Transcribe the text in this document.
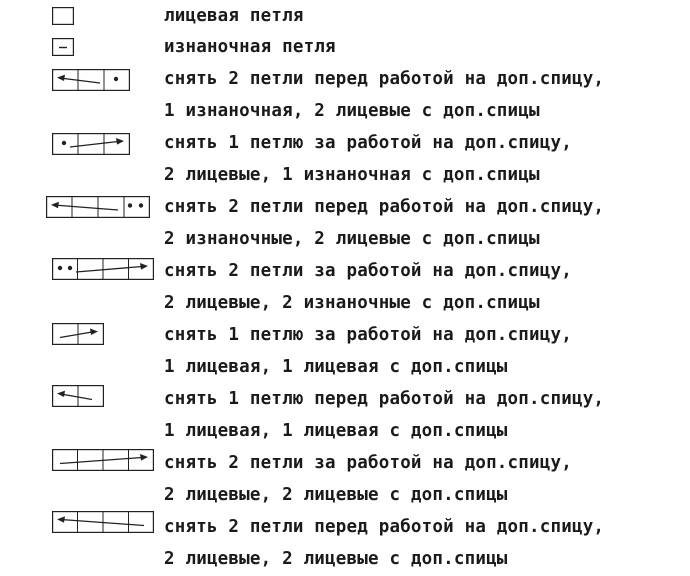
лицевая петля
изнаночная петля
снять 2 петли перед работой на доп.спицу,
1 изнаночная, 2 лицевые с доп.спицы
снять 1 петлю за работой на доп.спицу,
2 лицевые, 1 изнаночная с доп.спицы
снять 2 петли перед работой на доп.спицу,
2 изнаночные, 2 лицевые с доп.спицы
снять 2 петли за работой на доп.спицу,
2 лицевые, 2 изнаночные с доп.спицы
снять 1 петлю за работой на доп.спицу,
1 лицевая, 1 лицевая с доп.спицы
снять 1 петлю перед работой на доп.спицу,
1 лицевая, 1 лицевая с доп.спицы
снять 2 петли за работой на доп.спицу,
2 лицевые, 2 лицевые с доп.спицы
снять 2 петли перед работой на доп.спицу,
2 лицевые, 2 лицевые с доп.спицы
